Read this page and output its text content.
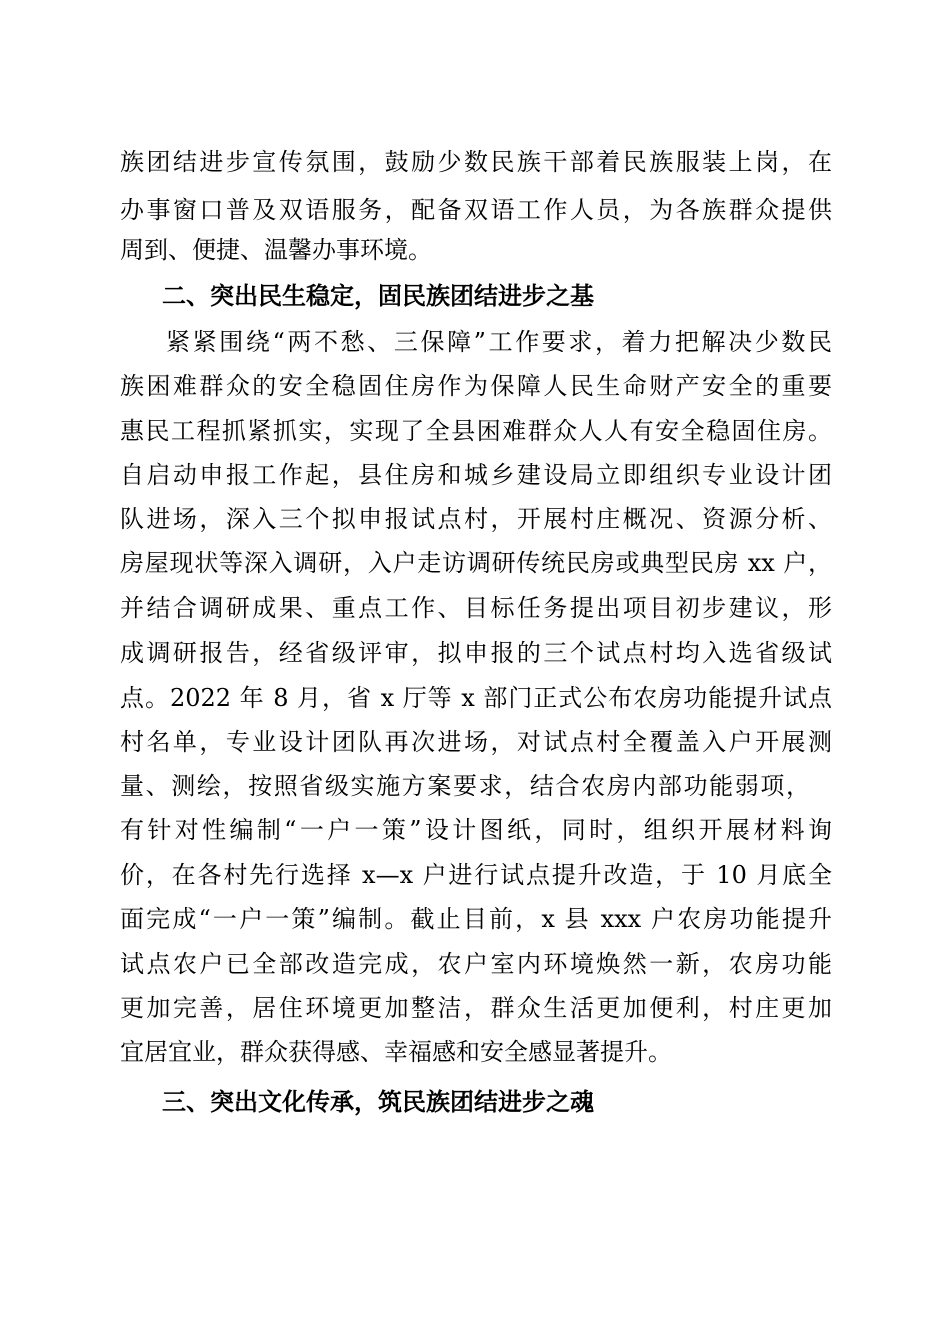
族团结进步宣传氛围，鼓励少数民族干部着民族服装上岗，在
办事窗口普及双语服务，配备双语工作人员，为各族群众提供
周到、便捷、温馨办事环境。
二、突出民生稳定，固民族团结进步之基
紧紧围绕“两不愁、三保障”工作要求，着力把解决少数民
族困难群众的安全稳固住房作为保障人民生命财产安全的重要
惠民工程抓紧抓实，实现了全县困难群众人人有安全稳固住房。
自启动申报工作起，县住房和城乡建设局立即组织专业设计团
队进场，深入三个拟申报试点村，开展村庄概况、资源分析、
房屋现状等深入调研，入户走访调研传统民房或典型民房 xx 户，
并结合调研成果、重点工作、目标任务提出项目初步建议，形
成调研报告，经省级评审，拟申报的三个试点村均入选省级试
点。2022 年 8 月，省 x 厅等 x 部门正式公布农房功能提升试点
村名单，专业设计团队再次进场，对试点村全覆盖入户开展测
量、测绘，按照省级实施方案要求，结合农房内部功能弱项，
有针对性编制“一户一策”设计图纸，同时，组织开展材料询
价，在各村先行选择 x—x 户进行试点提升改造，于 10 月底全
面完成“一户一策”编制。截止目前，x 县 xxx 户农房功能提升
试点农户已全部改造完成，农户室内环境焕然一新，农房功能
更加完善，居住环境更加整洁，群众生活更加便利，村庄更加
宜居宜业，群众获得感、幸福感和安全感显著提升。
三、突出文化传承，筑民族团结进步之魂
